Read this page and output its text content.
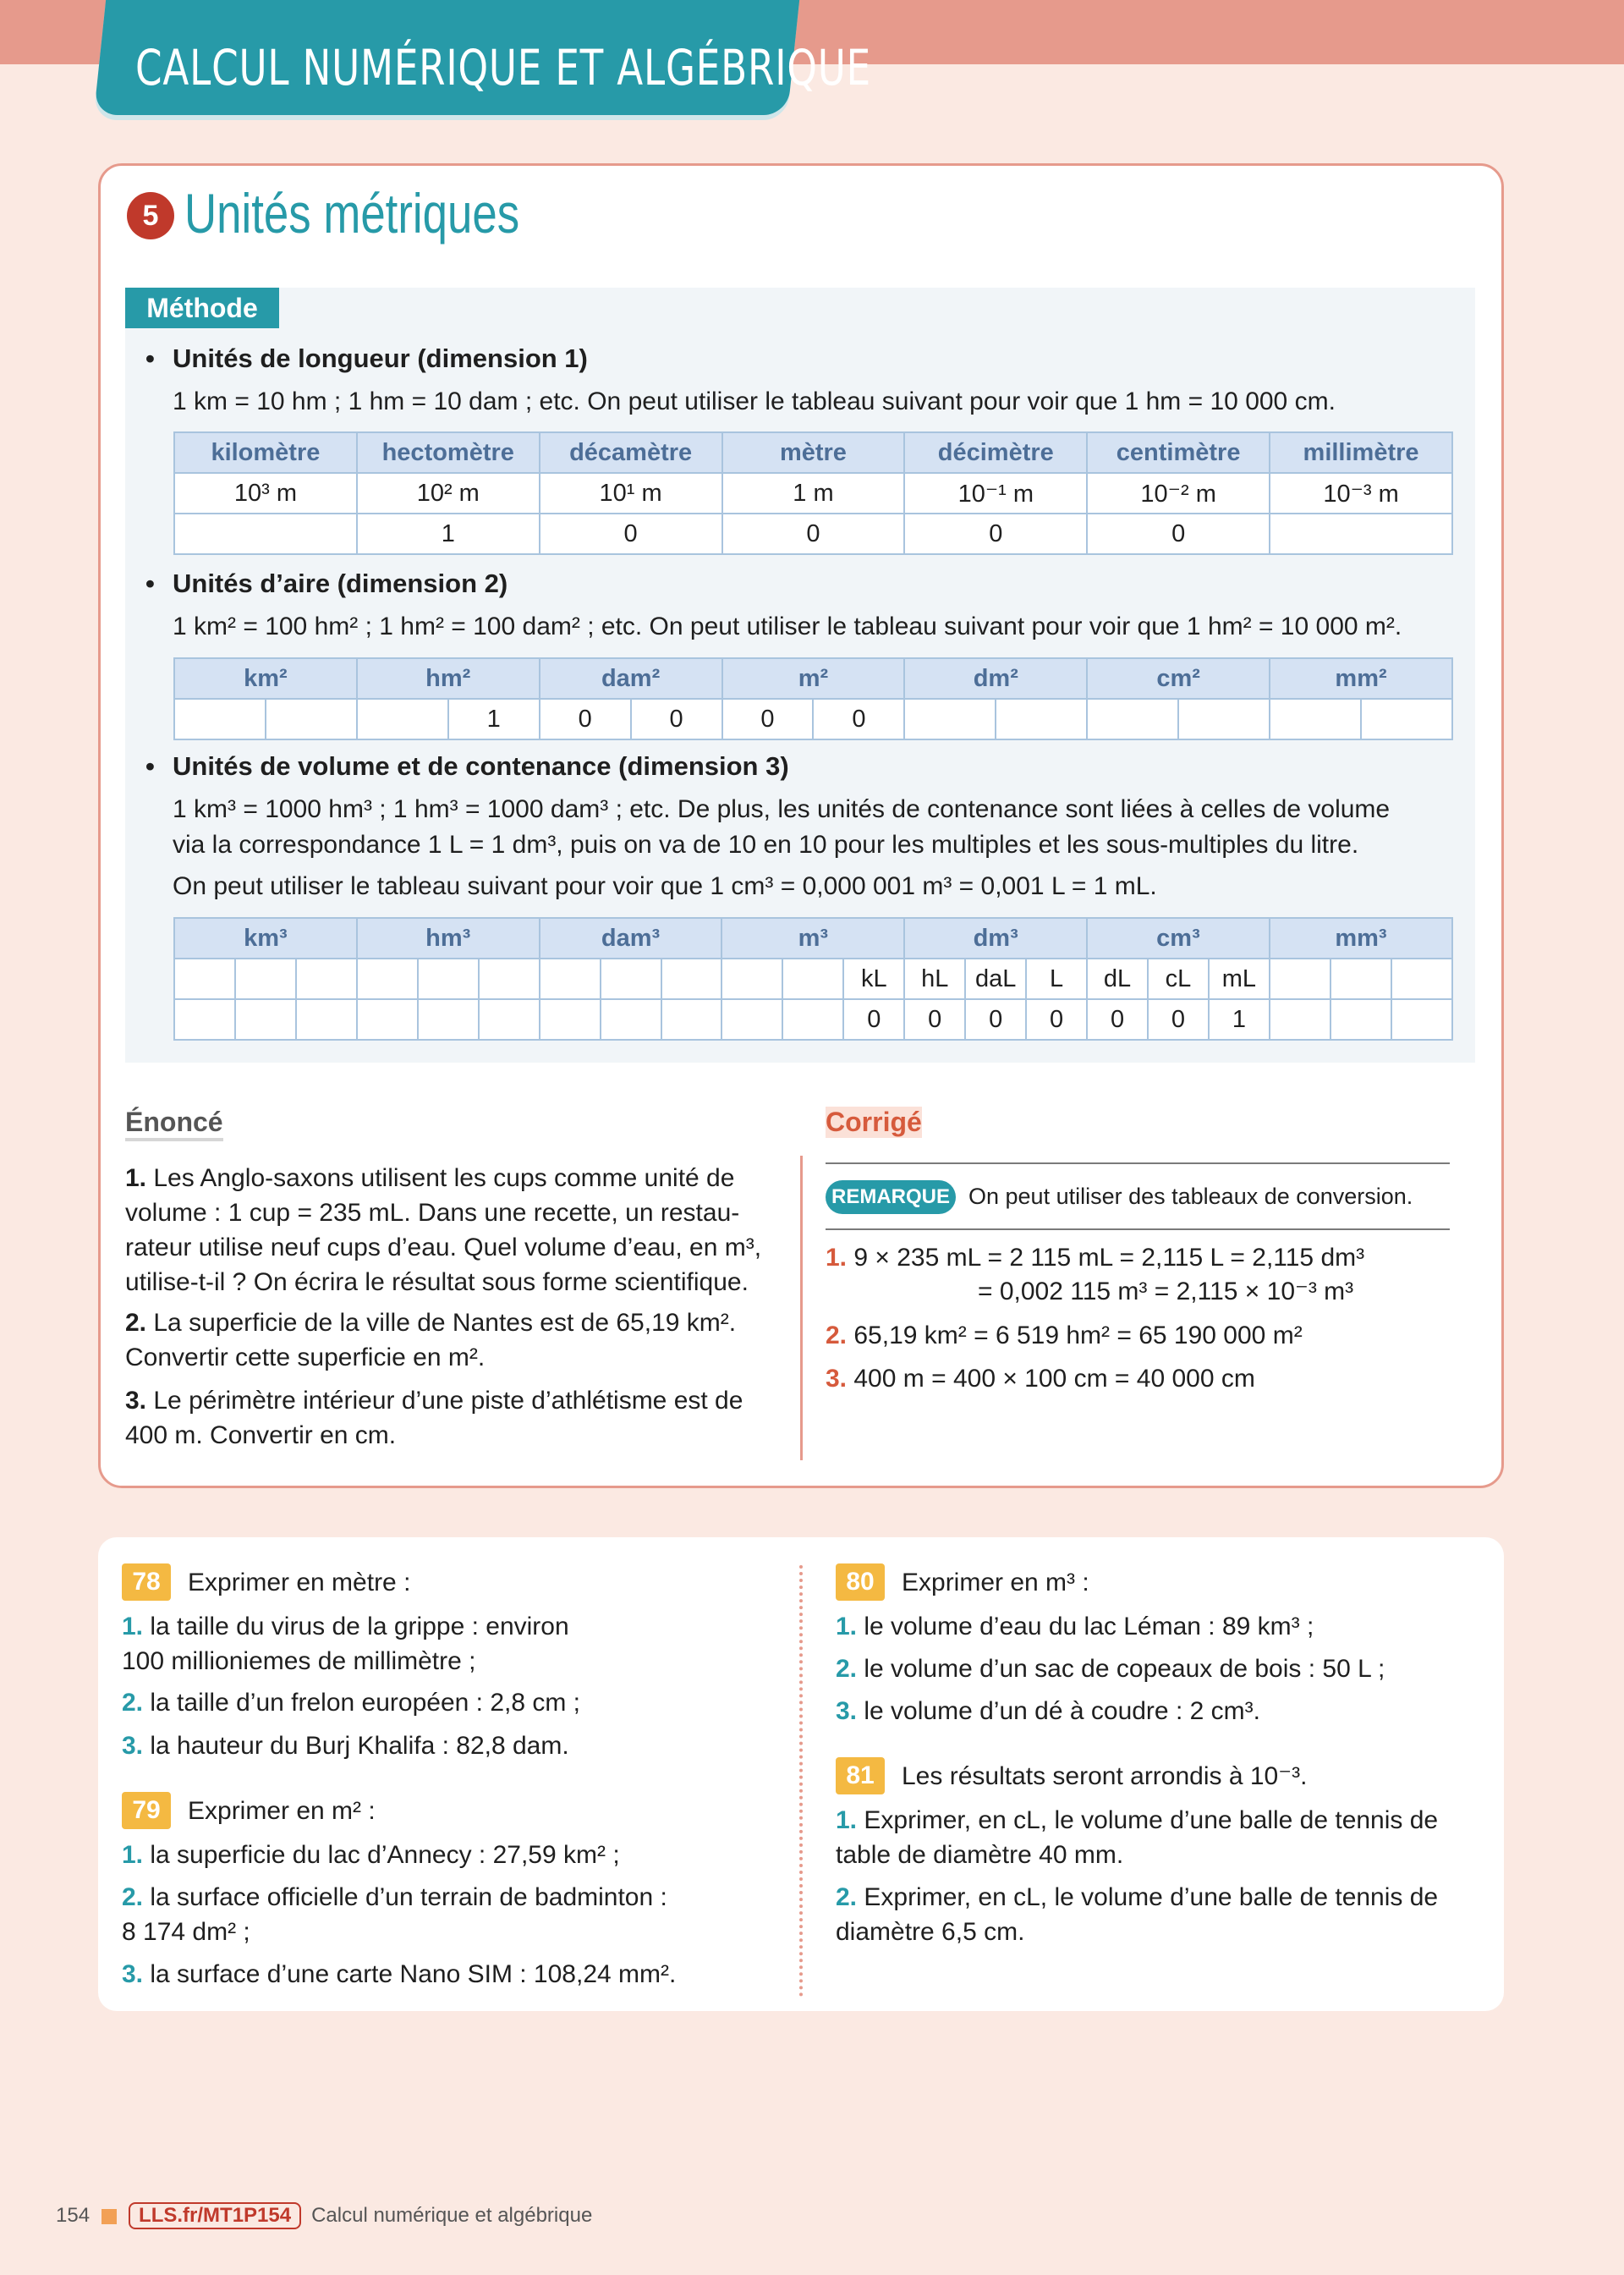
CALCUL NUMÉRIQUE ET ALGÉBRIQUE
5 Unités métriques
Méthode
• Unités de longueur (dimension 1)
1 km = 10 hm ; 1 hm = 10 dam ; etc. On peut utiliser le tableau suivant pour voir que 1 hm = 10 000 cm.
kilomètre	hectomètre	décamètre	mètre	décimètre	centimètre	millimètre
10³ m	10² m	10¹ m	1 m	10⁻¹ m	10⁻² m	10⁻³ m
	1	0	0	0	0	
• Unités d’aire (dimension 2)
1 km² = 100 hm² ; 1 hm² = 100 dam² ; etc. On peut utiliser le tableau suivant pour voir que 1 hm² = 10 000 m².
km²		hm²		dam²		m²		dm²		cm²		mm²	
			1	0	0	0	0						
• Unités de volume et de contenance (dimension 3)
1 km³ = 1000 hm³ ; 1 hm³ = 1000 dam³ ; etc. De plus, les unités de contenance sont liées à celles de volume
via la correspondance 1 L = 1 dm³, puis on va de 10 en 10 pour les multiples et les sous-multiples du litre.
On peut utiliser le tableau suivant pour voir que 1 cm³ = 0,000 001 m³ = 0,001 L = 1 mL.
km³			hm³			dam³			m³			dm³			cm³			mm³		
											kL	hL	daL	L	dL	cL	mL			
											0	0	0	0	0	0	1			
Énoncé
1. Les Anglo-saxons utilisent les cups comme unité de
volume : 1 cup = 235 mL. Dans une recette, un restau-
rateur utilise neuf cups d’eau. Quel volume d’eau, en m³,
utilise-t-il ? On écrira le résultat sous forme scientifique.
2. La superficie de la ville de Nantes est de 65,19 km².
Convertir cette superficie en m².
3. Le périmètre intérieur d’une piste d’athlétisme est de
400 m. Convertir en cm.
Corrigé
REMARQUE On peut utiliser des tableaux de conversion.
1. 9 × 235 mL = 2 115 mL = 2,115 L = 2,115 dm³
= 0,002 115 m³ = 2,115 × 10⁻³ m³
2. 65,19 km² = 6 519 hm² = 65 190 000 m²
3. 400 m = 400 × 100 cm = 40 000 cm
78	Exprimer en mètre :
1. la taille du virus de la grippe : environ
100 millioniemes de millimètre ;
2. la taille d’un frelon européen : 2,8 cm ;
3. la hauteur du Burj Khalifa : 82,8 dam.
79	Exprimer en m² :
1. la superficie du lac d’Annecy : 27,59 km² ;
2. la surface officielle d’un terrain de badminton :
8 174 dm² ;
3. la surface d’une carte Nano SIM : 108,24 mm².
80	Exprimer en m³ :
1. le volume d’eau du lac Léman : 89 km³ ;
2. le volume d’un sac de copeaux de bois : 50 L ;
3. le volume d’un dé à coudre : 2 cm³.
81	Les résultats seront arrondis à 10⁻³.
1. Exprimer, en cL, le volume d’une balle de tennis de
table de diamètre 40 mm.
2. Exprimer, en cL, le volume d’une balle de tennis de
diamètre 6,5 cm.
154 LLS.fr/MT1P154 Calcul numérique et algébrique
